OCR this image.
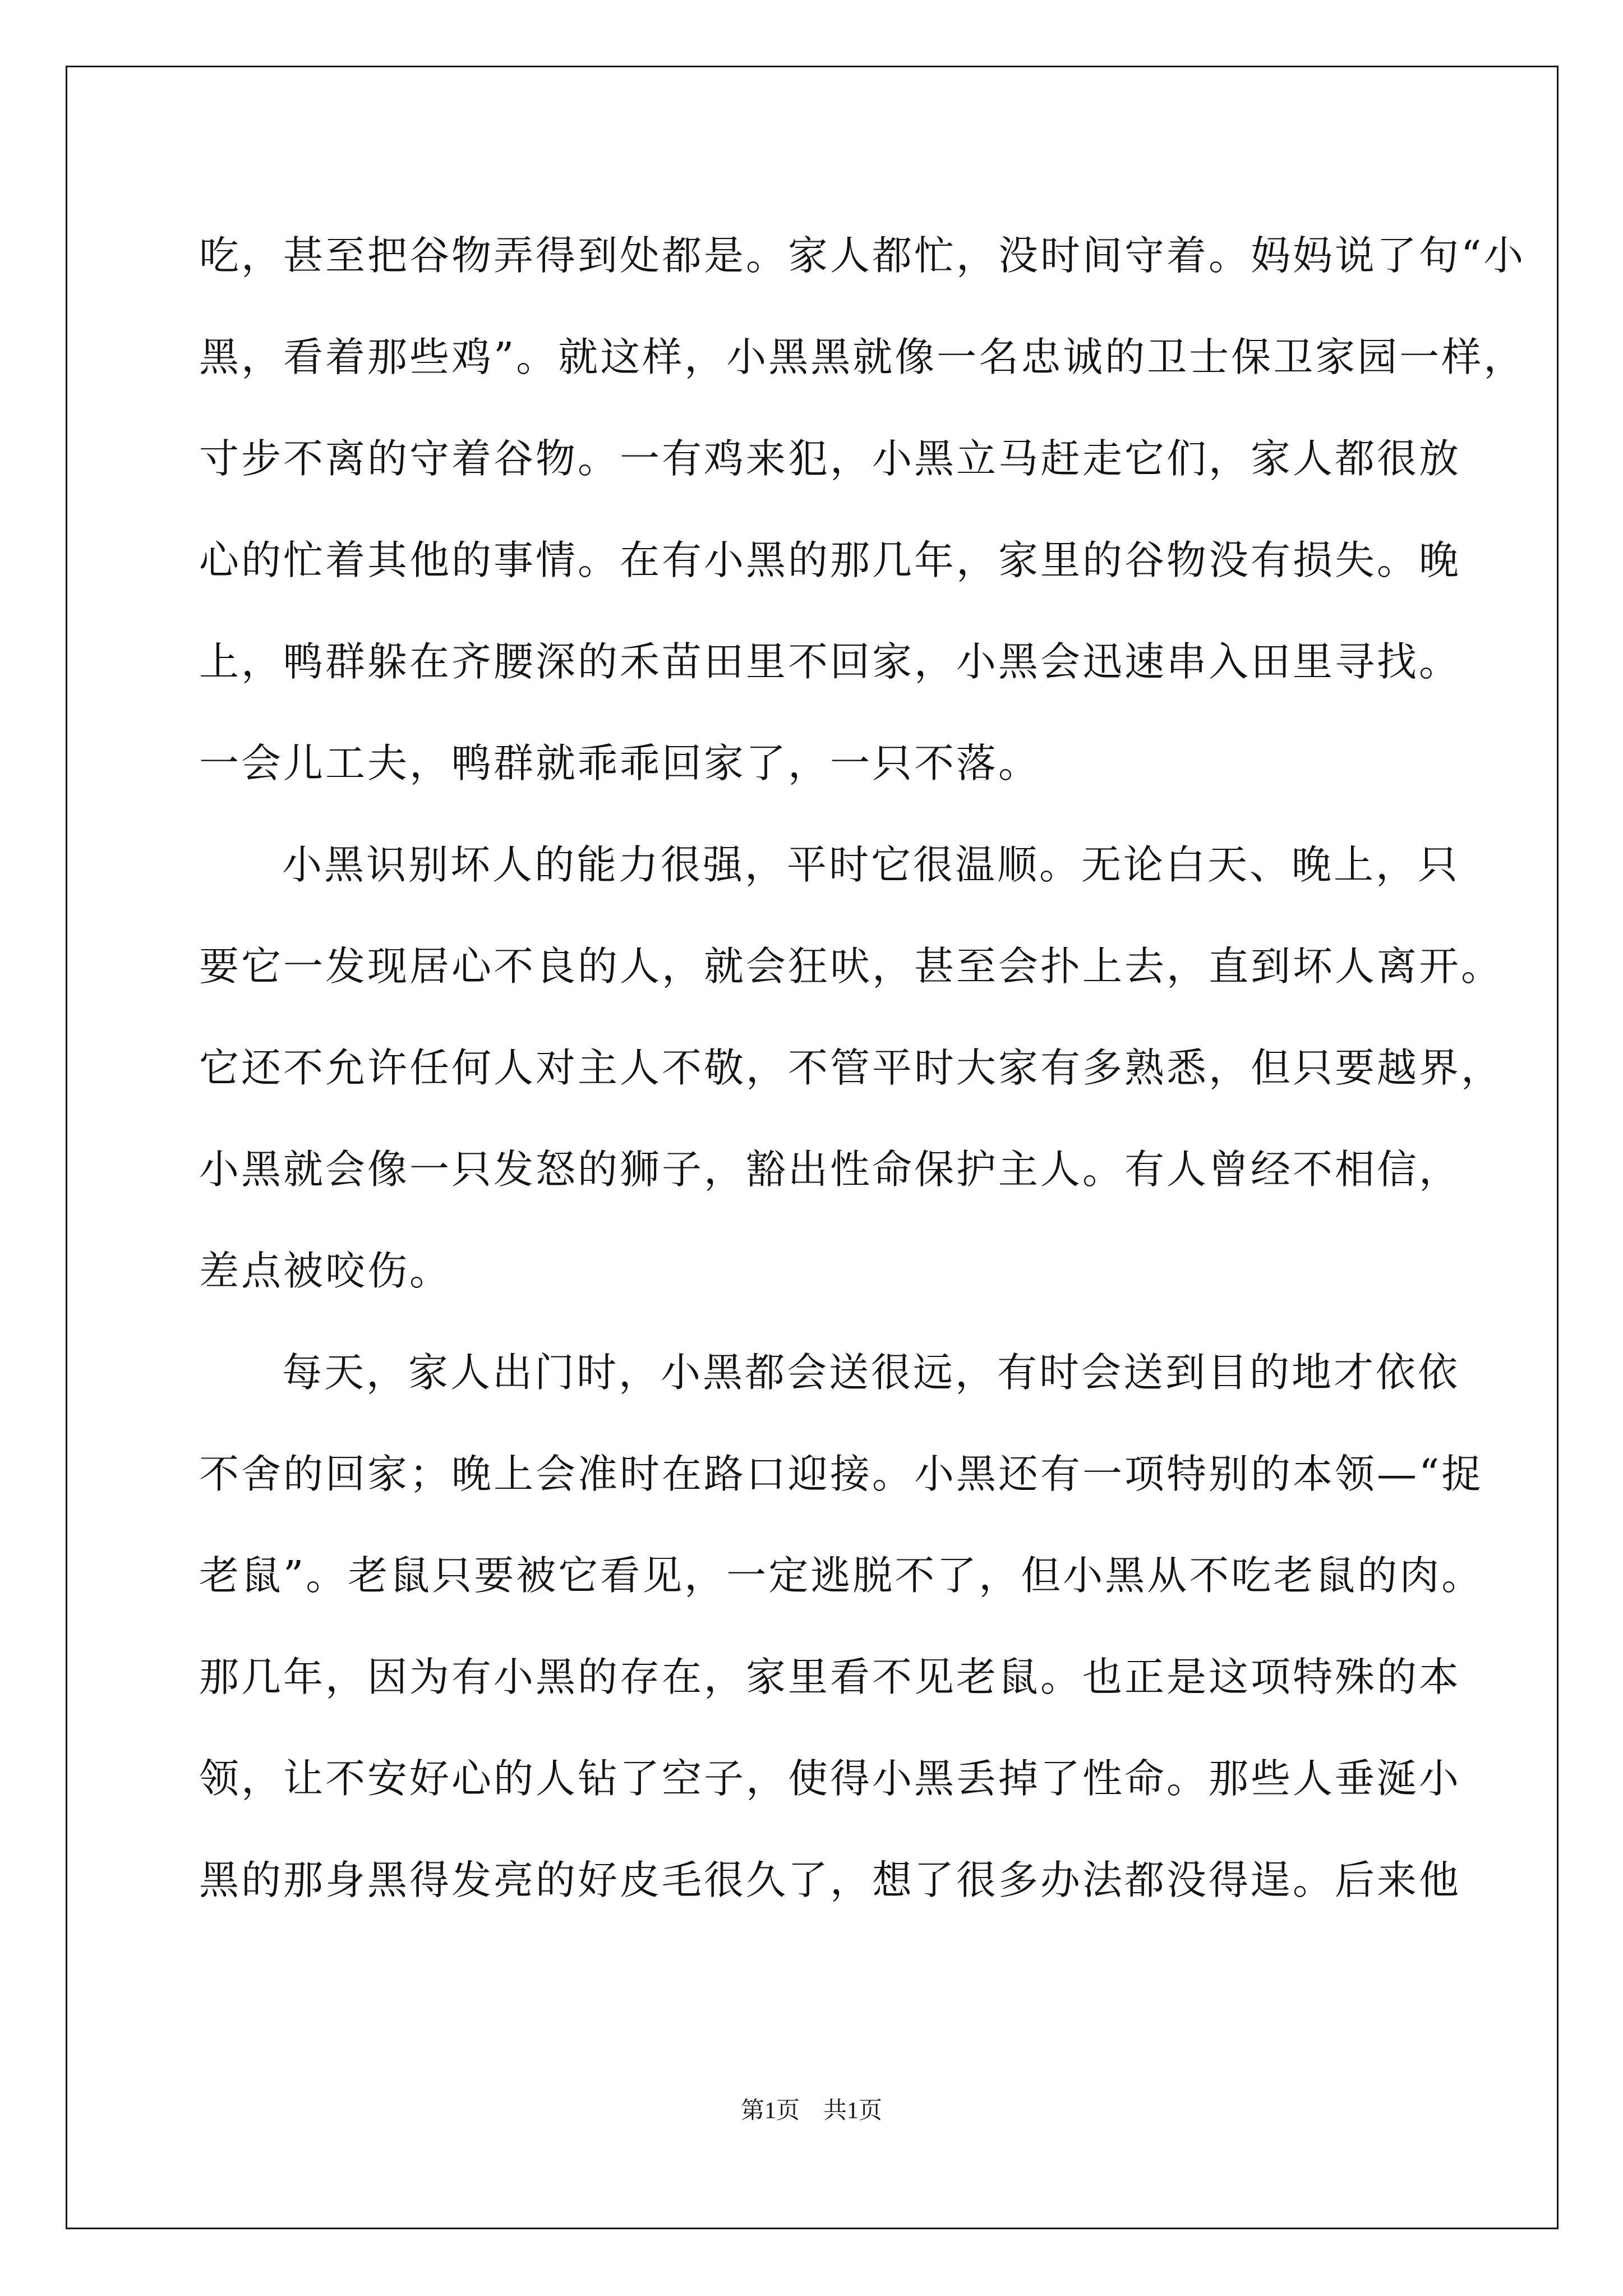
吃，甚至把谷物弄得到处都是。家人都忙，没时间守着。妈妈说了句“小
黑，看着那些鸡”。就这样，小黑黑就像一名忠诚的卫士保卫家园一样，
寸步不离的守着谷物。一有鸡来犯，小黑立马赶走它们，家人都很放
心的忙着其他的事情。在有小黑的那几年，家里的谷物没有损失。晚
上，鸭群躲在齐腰深的禾苗田里不回家，小黑会迅速串入田里寻找。
一会儿工夫，鸭群就乖乖回家了，一只不落。
小黑识别坏人的能力很强，平时它很温顺。无论白天、晚上，只
要它一发现居心不良的人，就会狂吠，甚至会扑上去，直到坏人离开。
它还不允许任何人对主人不敬，不管平时大家有多熟悉，但只要越界，
小黑就会像一只发怒的狮子，豁出性命保护主人。有人曾经不相信，
差点被咬伤。
每天，家人出门时，小黑都会送很远，有时会送到目的地才依依
不舍的回家；晚上会准时在路口迎接。小黑还有一项特别的本领—“捉
老鼠”。老鼠只要被它看见，一定逃脱不了，但小黑从不吃老鼠的肉。
那几年，因为有小黑的存在，家里看不见老鼠。也正是这项特殊的本
领，让不安好心的人钻了空子，使得小黑丢掉了性命。那些人垂涎小
黑的那身黑得发亮的好皮毛很久了，想了很多办法都没得逞。后来他
第1页　共1页
